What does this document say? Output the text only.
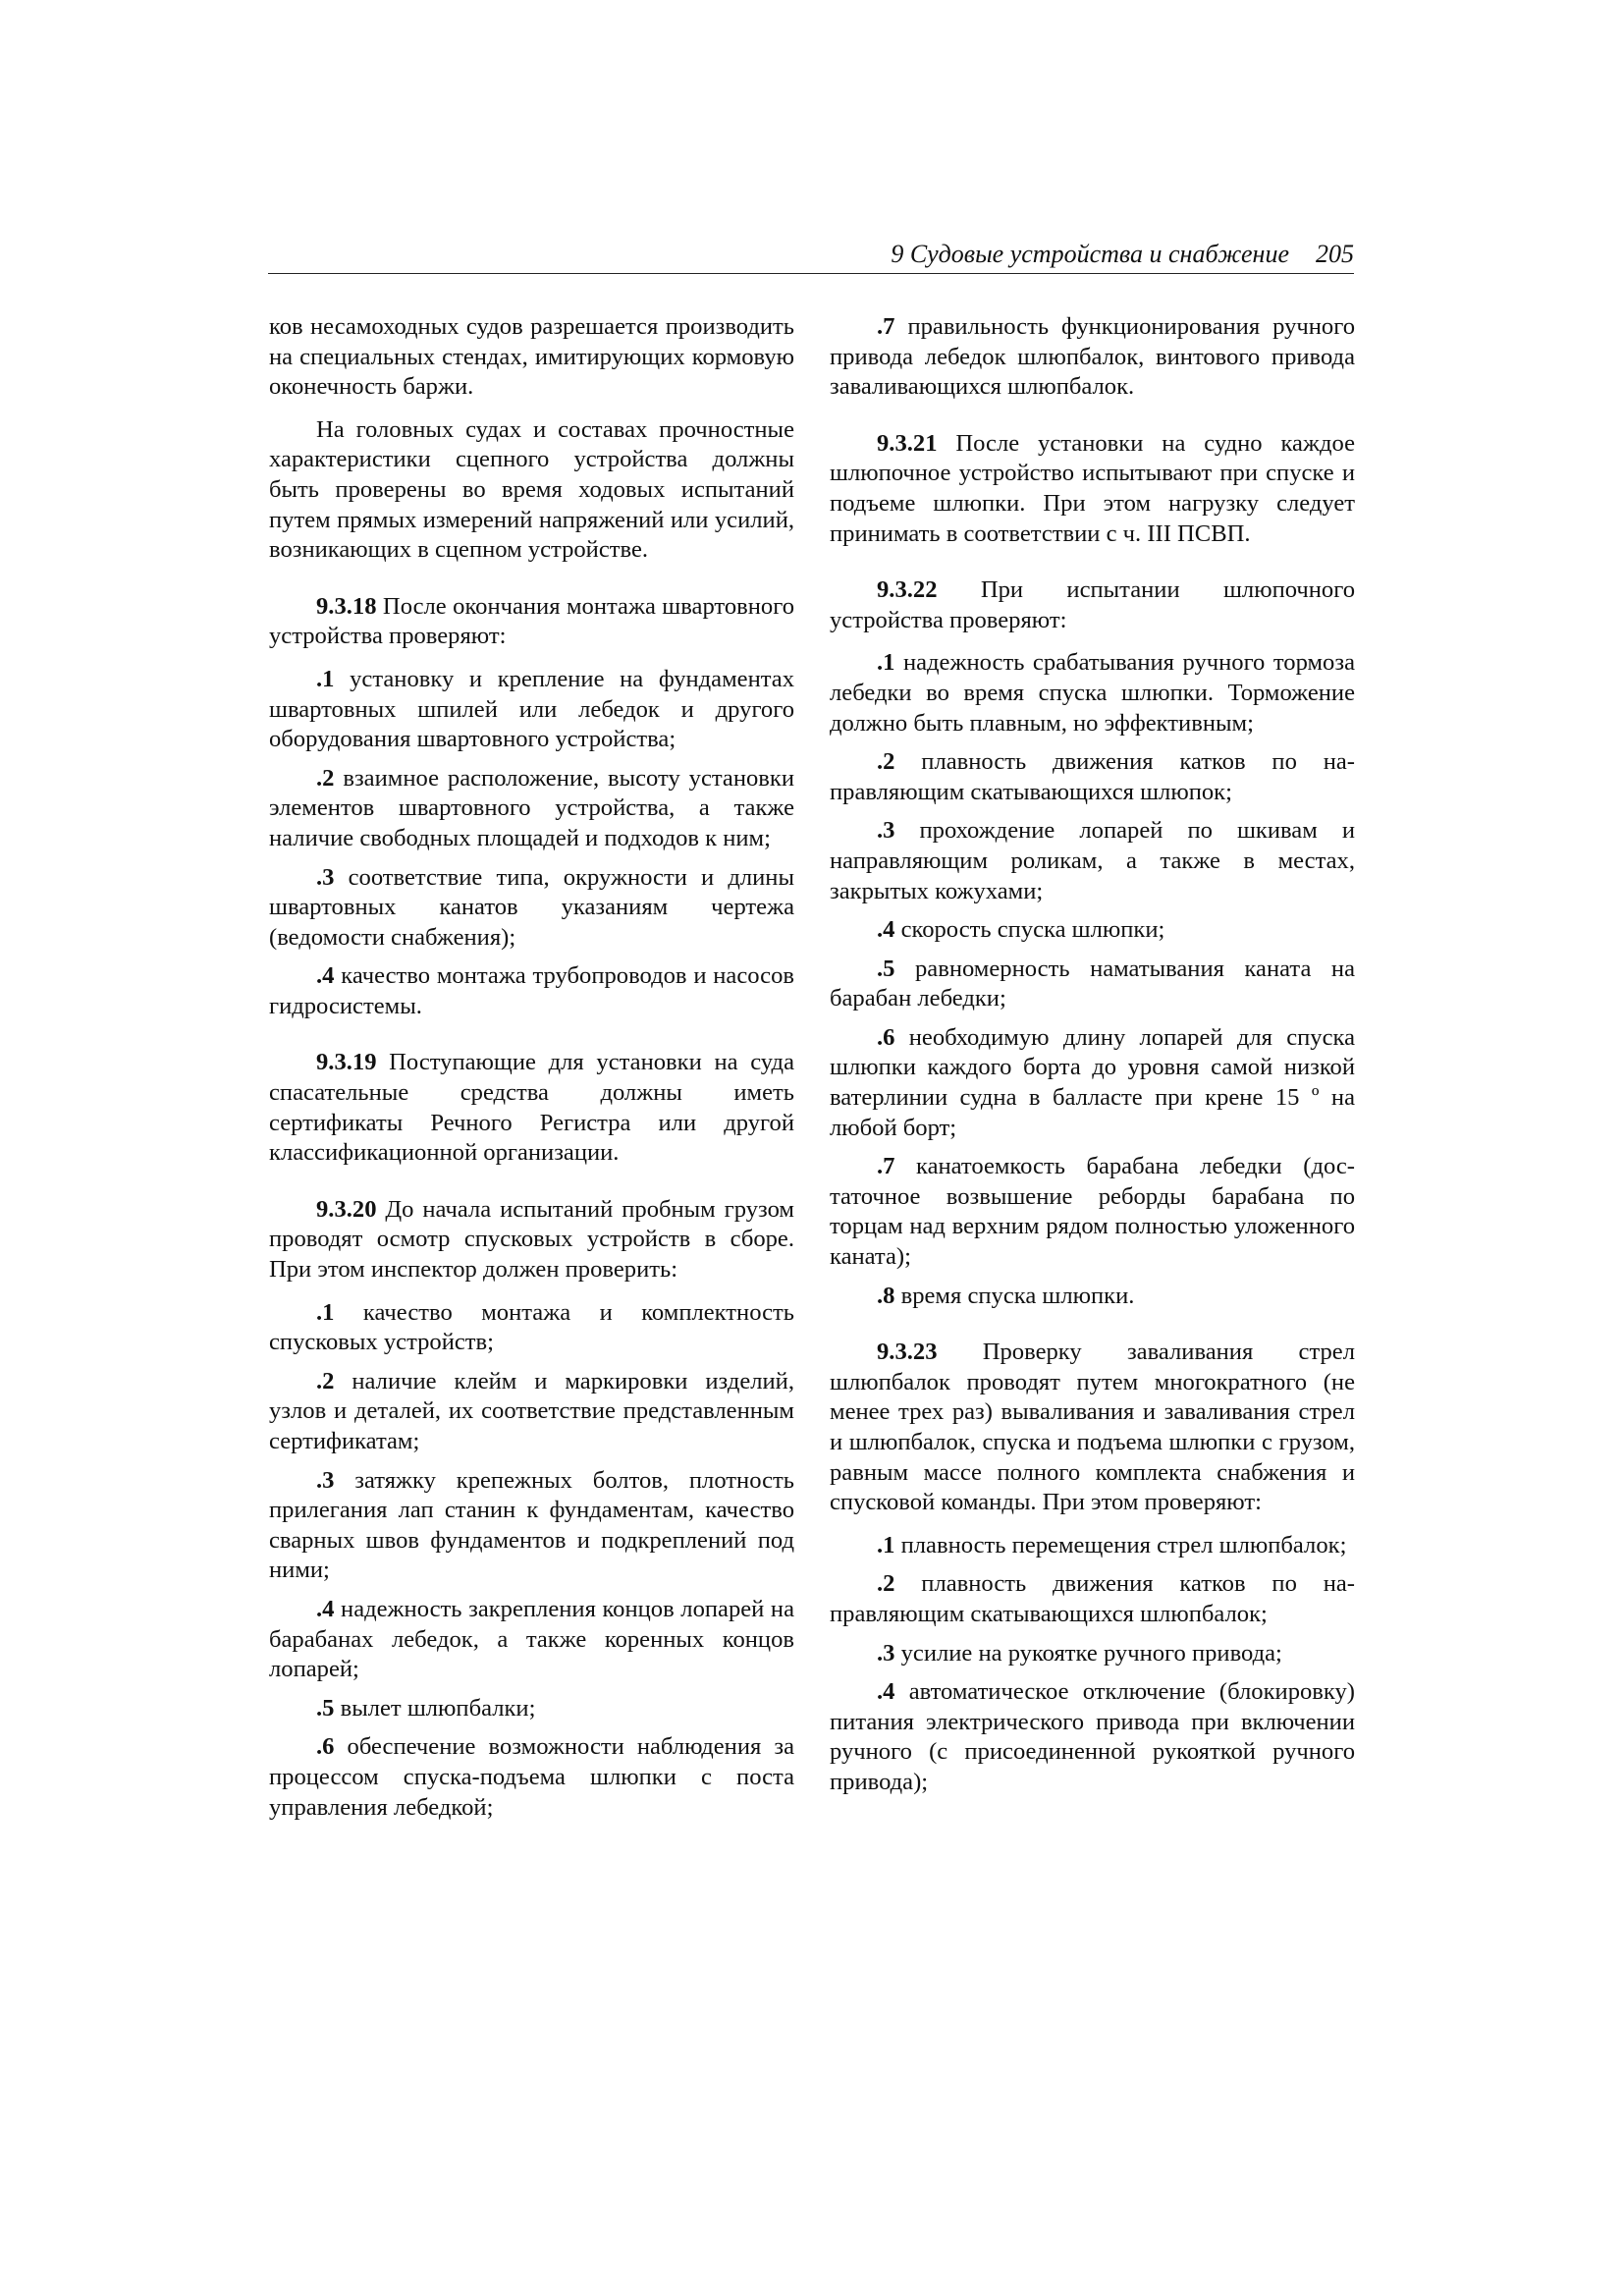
9 Судовые устройства и снабжение 205

ков несамоходных судов разрешается производить на специальных стендах, имитирующих кормовую оконечность баржи.

На головных судах и составах прочностные характеристики сцепного устройства должны быть проверены во время ходовых испытаний путем прямых измерений напряжений или усилий, возникающих в сцепном устройстве.

9.3.18 После окончания монтажа швартовного устройства проверяют:

.1 установку и крепление на фундаментах швартовных шпилей или лебедок и другого оборудования швартовного устройства;

.2 взаимное расположение, высоту установки элементов швартовного устройства, а также наличие свободных площадей и подходов к ним;

.3 соответствие типа, окружности и длины швартовных канатов указаниям чертежа (ведомости снабжения);

.4 качество монтажа трубопроводов и насосов гидросистемы.

9.3.19 Поступающие для установки на суда спасательные средства должны иметь сертификаты Речного Регистра или другой классификационной организации.

9.3.20 До начала испытаний пробным грузом проводят осмотр спусковых устройств в сборе. При этом инспектор должен проверить:

.1 качество монтажа и комплектность спусковых устройств;

.2 наличие клейм и маркировки изделий, узлов и деталей, их соответствие представленным сертификатам;

.3 затяжку крепежных болтов, плотность прилегания лап станин к фундаментам, качество сварных швов фундаментов и подкреплений под ними;

.4 надежность закрепления концов лопарей на барабанах лебедок, а также коренных концов лопарей;

.5 вылет шлюпбалки;

.6 обеспечение возможности наблюдения за процессом спуска-подъема шлюпки с поста управления лебедкой;

.7 правильность функционирования ручного привода лебедок шлюпбалок, винтового привода заваливающихся шлюпбалок.

9.3.21 После установки на судно каждое шлюпочное устройство испытывают при спуске и подъеме шлюпки. При этом нагрузку следует принимать в соответствии с ч. III ПСВП.

9.3.22 При испытании шлюпочного устройства проверяют:

.1 надежность срабатывания ручного тормоза лебедки во время спуска шлюпки. Торможение должно быть плавным, но эффективным;

.2 плавность движения катков по направляющим скатывающихся шлюпок;

.3 прохождение лопарей по шкивам и направляющим роликам, а также в местах, закрытых кожухами;

.4 скорость спуска шлюпки;

.5 равномерность наматывания каната на барабан лебедки;

.6 необходимую длину лопарей для спуска шлюпки каждого борта до уровня самой низкой ватерлинии судна в балласте при крене 15 º на любой борт;

.7 канатоемкость барабана лебедки (достаточное возвышение реборды барабана по торцам над верхним рядом полностью уложенного каната);

.8 время спуска шлюпки.

9.3.23 Проверку заваливания стрел шлюпбалок проводят путем многократного (не менее трех раз) вываливания и заваливания стрел и шлюпбалок, спуска и подъема шлюпки с грузом, равным массе полного комплекта снабжения и спусковой команды. При этом проверяют:

.1 плавность перемещения стрел шлюпбалок;

.2 плавность движения катков по направляющим скатывающихся шлюпбалок;

.3 усилие на рукоятке ручного привода;

.4 автоматическое отключение (блокировку) питания электрического привода при включении ручного (с присоединенной рукояткой ручного привода);
